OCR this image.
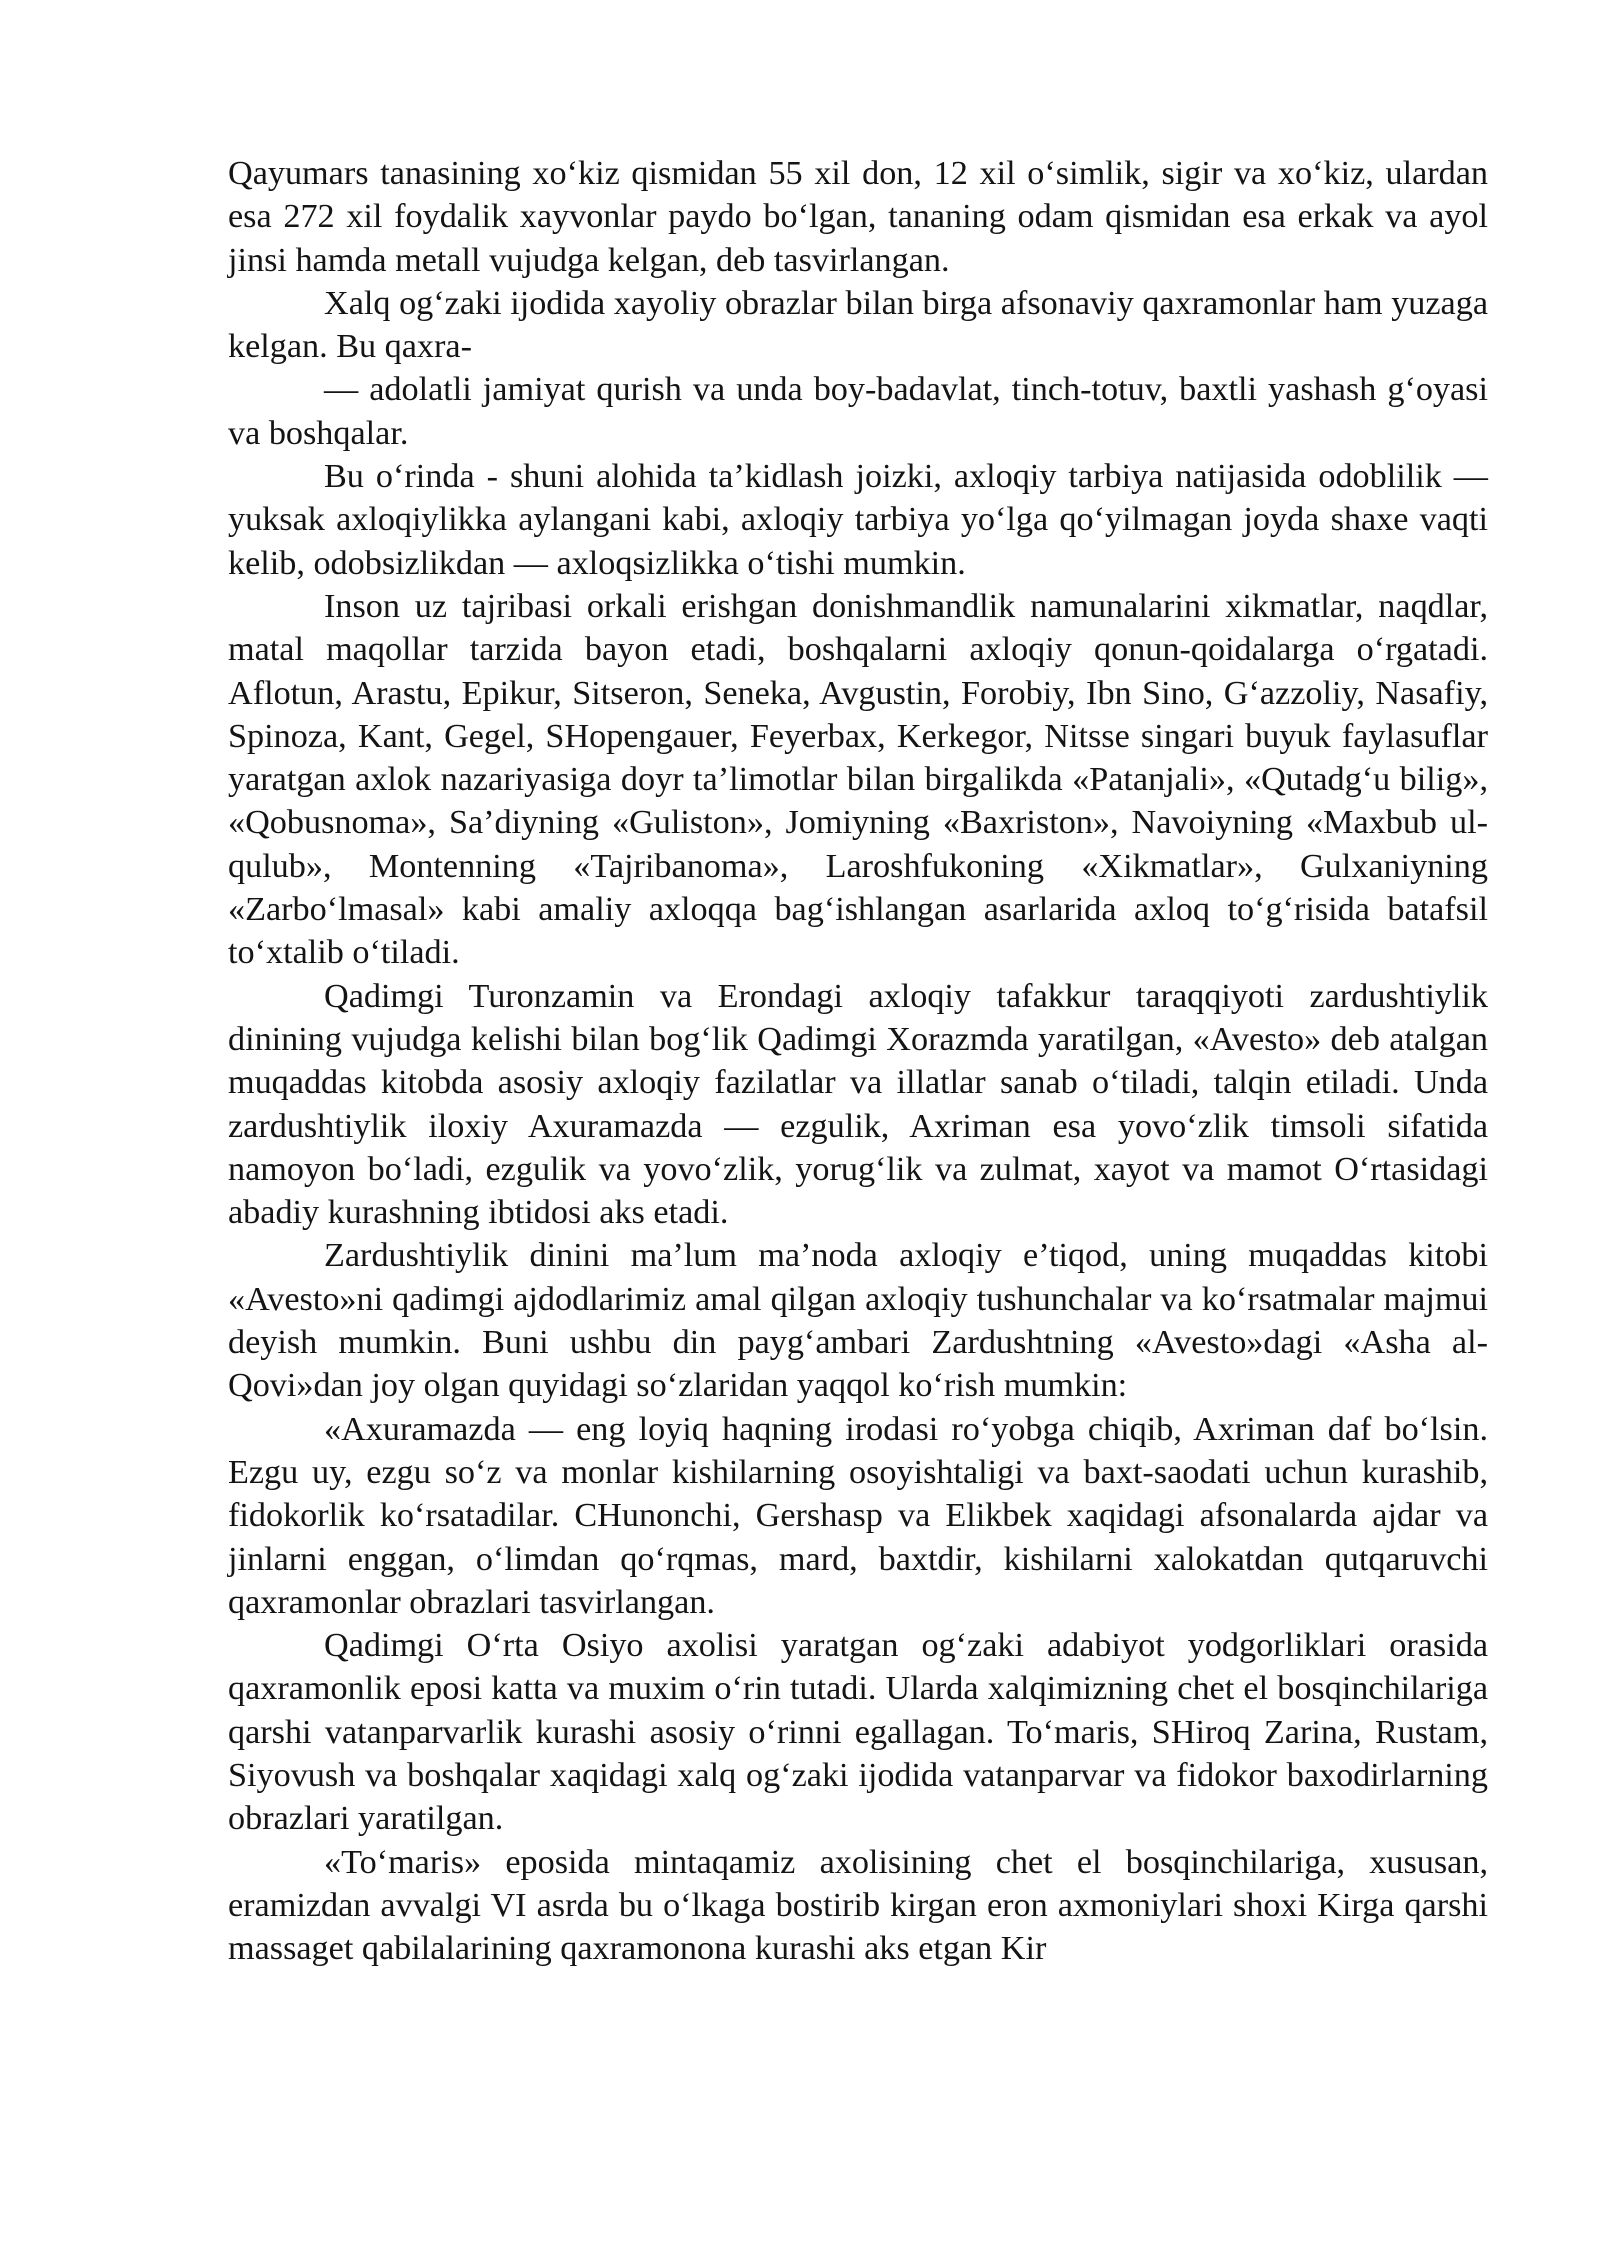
Qayumars tanasining xo‘kiz qismidan 55 xil don, 12 xil o‘simlik, sigir va xo‘kiz, ulardan esa 272 xil foydalik xayvonlar paydo bo‘lgan, tananing odam qismidan esa erkak va ayol jinsi hamda metall vujudga kelgan, deb tasvirlangan.

Xalq og‘zaki ijodida xayoliy obrazlar bilan birga afsonaviy qaxramonlar ham yuzaga kelgan. Bu qaxra-

— adolatli jamiyat qurish va unda boy-badavlat, tinch-totuv, baxtli yashash g‘oyasi va boshqalar.

Bu o‘rinda - shuni alohida ta’kidlash joizki, axloqiy tarbiya natijasida odoblilik — yuksak axloqiylikka aylangani kabi, axloqiy tarbiya yo‘lga qo‘yilmagan joyda shaxe vaqti kelib, odobsizlikdan — axloqsizlikka o‘tishi mumkin.

Inson uz tajribasi orkali erishgan donishmandlik namunalarini xikmatlar, naqdlar, matal maqollar tarzida bayon etadi, boshqalarni axloqiy qonun-qoidalarga o‘rgatadi. Aflotun, Arastu, Epikur, Sitseron, Seneka, Avgustin, Forobiy, Ibn Sino, G‘azzoliy, Nasafiy, Spinoza, Kant, Gegel, SHopengauer, Feyerbax, Kerkegor, Nitsse singari buyuk faylasuflar yaratgan axlok nazariyasiga doyr ta’limotlar bilan birgalikda «Patanjali», «Qutadg‘u bilig», «Qobusnoma», Sa’diyning «Guliston», Jomiyning «Baxriston», Navoiyning «Maxbub ul-qulub», Montenning «Tajribanoma», Laroshfukoning «Xikmatlar», Gulxaniyning «Zarbo‘lmasal» kabi amaliy axloqqa bag‘ishlangan asarlarida axloq to‘g‘risida batafsil to‘xtalib o‘tiladi.

Qadimgi Turonzamin va Erondagi axloqiy tafakkur taraqqiyoti zardushtiylik dinining vujudga kelishi bilan bog‘lik Qadimgi Xorazmda yaratilgan, «Avesto» deb atalgan muqaddas kitobda asosiy axloqiy fazilatlar va illatlar sanab o‘tiladi, talqin etiladi. Unda zardushtiylik iloxiy Axuramazda — ezgulik, Axriman esa yovo‘zlik timsoli sifatida namoyon bo‘ladi, ezgulik va yovo‘zlik, yorug‘lik va zulmat, xayot va mamot O‘rtasidagi abadiy kurashning ibtidosi aks etadi.

Zardushtiylik dinini ma’lum ma’noda axloqiy e’tiqod, uning muqaddas kitobi «Avesto»ni qadimgi ajdodlarimiz amal qilgan axloqiy tushunchalar va ko‘rsatmalar majmui deyish mumkin. Buni ushbu din payg‘ambari Zardushtning «Avesto»dagi «Asha al-Qovi»dan joy olgan quyidagi so‘zlaridan yaqqol ko‘rish mumkin:

«Axuramazda — eng loyiq haqning irodasi ro‘yobga chiqib, Axriman daf bo‘lsin. Ezgu uy, ezgu so‘z va monlar kishilarning osoyishtaligi va baxt-saodati uchun kurashib, fidokorlik ko‘rsatadilar. CHunonchi, Gershasp va Elikbek xaqidagi afsonalarda ajdar va jinlarni enggan, o‘limdan qo‘rqmas, mard, baxtdir, kishilarni xalokatdan qutqaruvchi qaxramonlar obrazlari tasvirlangan.

Qadimgi O‘rta Osiyo axolisi yaratgan og‘zaki adabiyot yodgorliklari orasida qaxramonlik eposi katta va muxim o‘rin tutadi. Ularda xalqimizning chet el bosqinchilariga qarshi vatanparvarlik kurashi asosiy o‘rinni egallagan. To‘maris, SHiroq Zarina, Rustam, Siyovush va boshqalar xaqidagi xalq og‘zaki ijodida vatanparvar va fidokor baxodirlarning obrazlari yaratilgan.

«To‘maris» eposida mintaqamiz axolisining chet el bosqinchilariga, xususan, eramizdan avvalgi VI asrda bu o‘lkaga bostirib kirgan eron axmoniylari shoxi Kirga qarshi massaget qabilalarining qaxramonona kurashi aks etgan Kir
